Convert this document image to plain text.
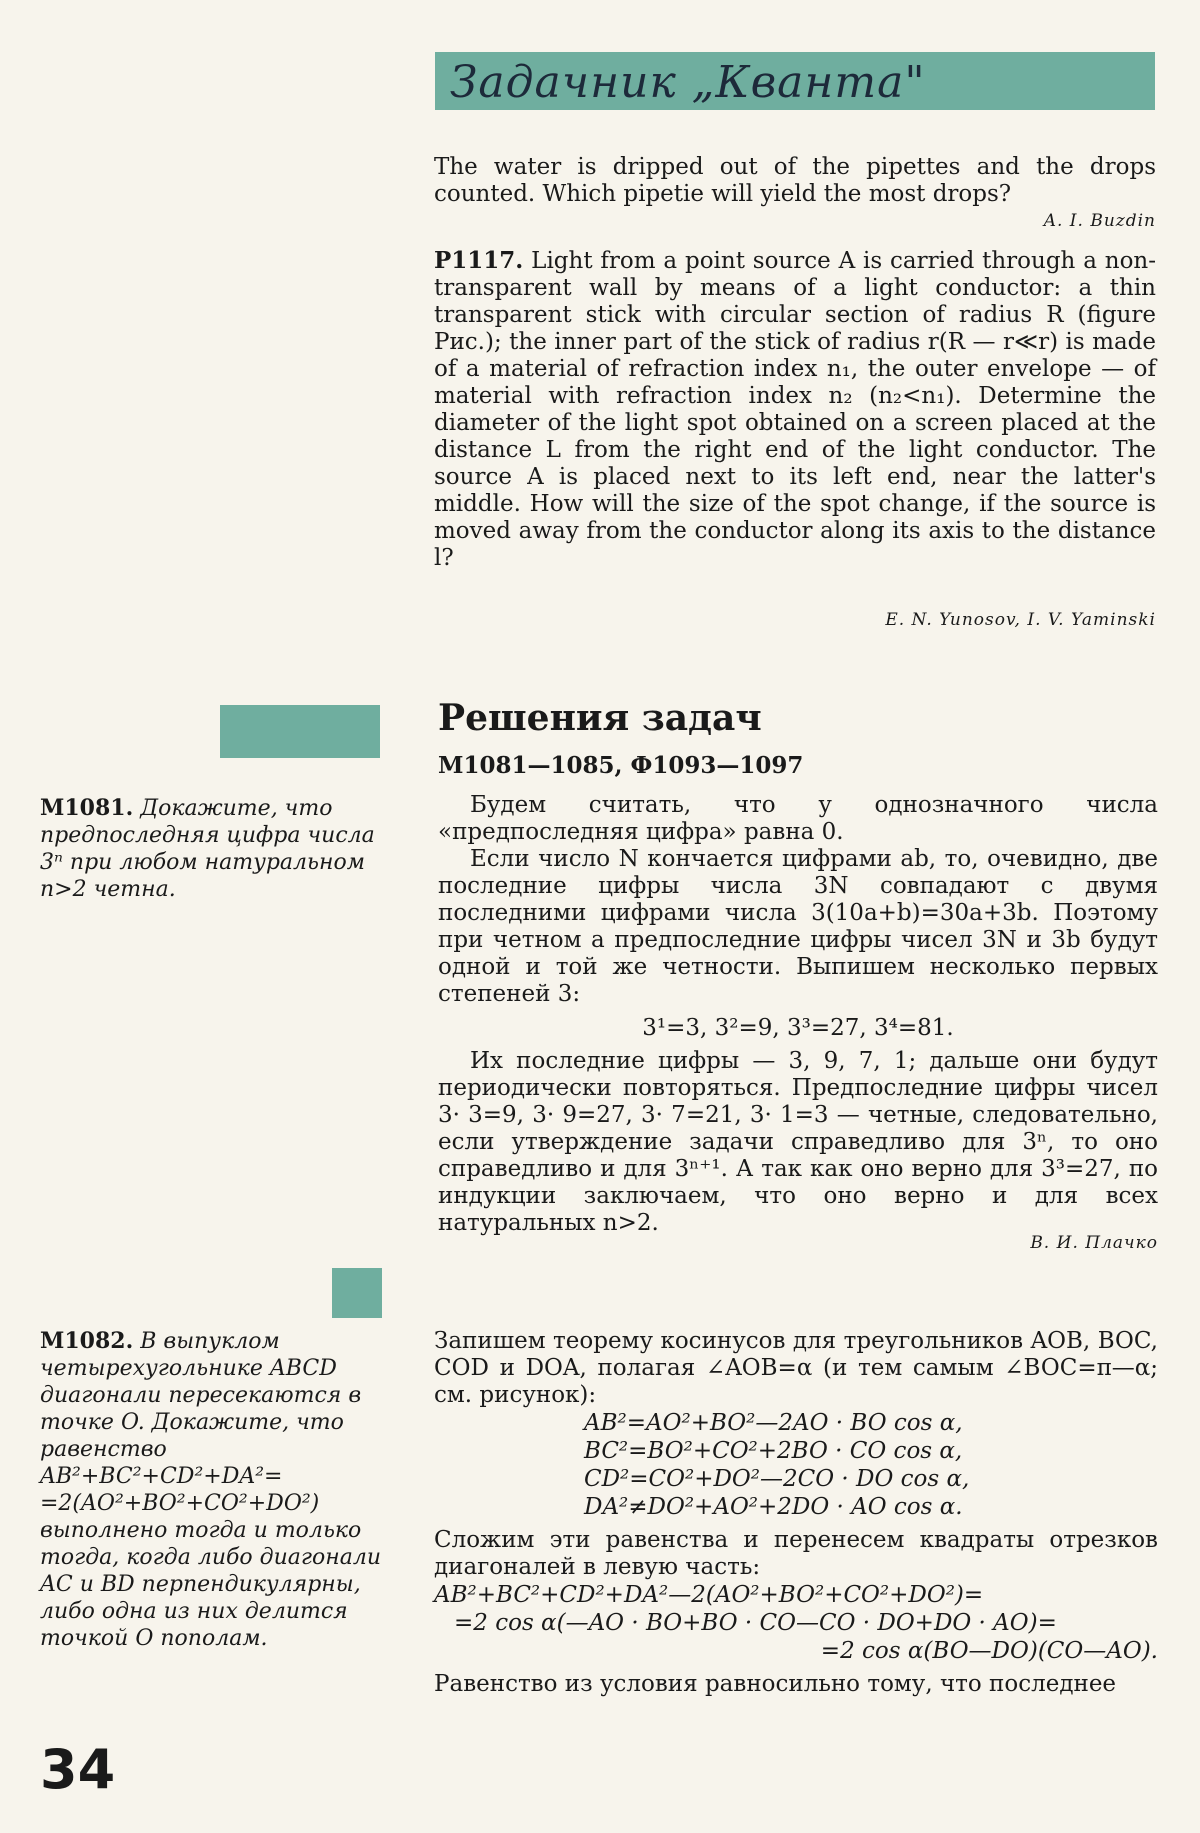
Задачник „Кванта"

The water is dripped out of the pipettes and the drops counted. Which pipetie will yield the most drops?

A. I. Buzdin

P1117. Light from a point source A is carried through a non-transparent wall by means of a light conductor: a thin transparent stick with circular section of radius R (figure Рис.); the inner part of the stick of radius r(R — r≪r) is made of a material of refraction index n₁, the outer envelope — of material with refraction index n₂ (n₂<n₁). Determine the diameter of the light spot obtained on a screen placed at the distance L from the right end of the light conductor. The source A is placed next to its left end, near the latter's middle. How will the size of the spot change, if the source is moved away from the conductor along its axis to the distance l?

E. N. Yunosov, I. V. Yaminski
Решения задач
М1081—1085, Ф1093—1097
М1081. Докажите, что предпоследняя цифра числа 3ⁿ при любом натуральном n>2 четна.

Будем считать, что у однозначного числа «предпоследняя цифра» равна 0.

Если число N кончается цифрами ab, то, очевидно, две последние цифры числа 3N совпадают с двумя последними цифрами числа 3(10a+b)=30a+3b. Поэтому при четном a предпоследние цифры чисел 3N и 3b будут одной и той же четности. Выпишем несколько первых степеней 3:

3¹=3, 3²=9, 3³=27, 3⁴=81.

Их последние цифры — 3, 9, 7, 1; дальше они будут периодически повторяться. Предпоследние цифры чисел 3· 3=9, 3· 9=27, 3· 7=21, 3· 1=3 — четные, следовательно, если утверждение задачи справедливо для 3ⁿ, то оно справедливо и для 3ⁿ⁺¹. А так как оно верно для 3³=27, по индукции заключаем, что оно верно и для всех натуральных n>2.

В. И. Плачко
М1082. В выпуклом четырехугольнике ABCD диагонали пересекаются в точке O. Докажите, что равенство
AB²+BC²+CD²+DA²=
=2(AO²+BO²+CO²+DO²)
выполнено тогда и только тогда, когда либо диагонали AC и BD перпендикулярны, либо одна из них делится точкой O пополам.

Запишем теорему косинусов для треугольников AOB, BOC, COD и DOA, полагая ∠AOB=α (и тем самым ∠BOC=π—α; см. рисунок):

AB²=AO²+BO²—2AO · BO cos α,

BC²=BO²+CO²+2BO · CO cos α,

CD²=CO²+DO²—2CO · DO cos α,

DA²≠DO²+AO²+2DO · AO cos α.

Сложим эти равенства и перенесем квадраты отрезков диагоналей в левую часть:

AB²+BC²+CD²+DA²—2(AO²+BO²+CO²+DO²)=

=2 cos α(—AO · BO+BO · CO—CO · DO+DO · AO)=

=2 cos α(BO—DO)(CO—AO).

Равенство из условия равносильно тому, что последнее

34
